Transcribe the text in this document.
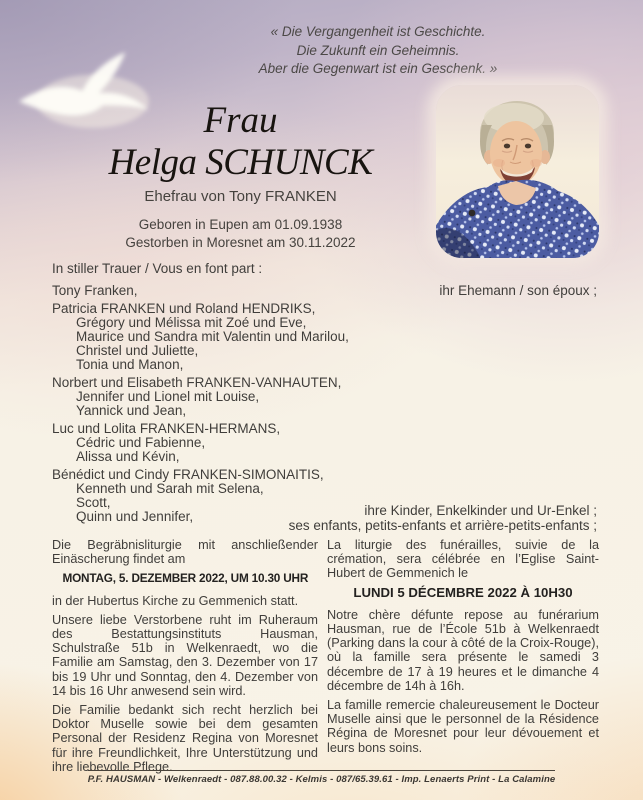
« Die Vergangenheit ist Geschichte.
Die Zukunft ein Geheimnis.
Aber die Gegenwart ist ein Geschenk. »
Frau
Helga SCHUNCK
Ehefrau von Tony FRANKEN
Geboren in Eupen am 01.09.1938
Gestorben in Moresnet am 30.11.2022
In stiller Trauer / Vous en font part :
Tony Franken,	ihr Ehemann / son époux ;
Patricia FRANKEN und Roland HENDRIKS,
Grégory und Mélissa mit Zoé und Eve,
Maurice und Sandra mit Valentin und Marilou,
Christel und Juliette,
Tonia und Manon,
Norbert und Elisabeth FRANKEN-VANHAUTEN,
Jennifer und Lionel mit Louise,
Yannick und Jean,
Luc und Lolita FRANKEN-HERMANS,
Cédric und Fabienne,
Alissa und Kévin,
Bénédict und Cindy FRANKEN-SIMONAITIS,
Kenneth und Sarah mit Selena,
Scott,
Quinn und Jennifer,	ihre Kinder, Enkelkinder und Ur-Enkel ;
ses enfants, petits-enfants et arrière-petits-enfants ;

Die Begräbnisliturgie mit anschließender Einäscherung findet am

MONTAG, 5. DEZEMBER 2022, UM 10.30 UHR

in der Hubertus Kirche zu Gemmenich statt.

Unsere liebe Verstorbene ruht im Ruheraum des Bestattungsinstituts Hausman, Schulstraße 51b in Welkenraedt, wo die Familie am Samstag, den 3. Dezember von 17 bis 19 Uhr und Sonntag, den 4. Dezember von 14 bis 16 Uhr anwesend sein wird.

Die Familie bedankt sich recht herzlich bei Doktor Muselle sowie bei dem gesamten Personal der Residenz Regina von Moresnet für ihre Freundlichkeit, Ihre Unterstützung und ihre liebevolle Pflege.

La liturgie des funérailles, suivie de la crémation, sera célébrée en l’Eglise Saint-Hubert de Gemmenich le

LUNDI 5 DÉCEMBRE 2022 À 10H30

Notre chère défunte repose au funérarium Hausman, rue de l’École 51b à Welkenraedt (Parking dans la cour à côté de la Croix-Rouge), où la famille sera présente le samedi 3 décembre de 17 à 19 heures et le dimanche 4 décembre de 14h à 16h.

La famille remercie chaleureusement le Docteur Muselle ainsi que le personnel de la Résidence Régina de Moresnet pour leur dévouement et leurs bons soins.

P.F. HAUSMAN - Welkenraedt - 087.88.00.32 - Kelmis - 087/65.39.61 - Imp. Lenaerts Print - La Calamine
